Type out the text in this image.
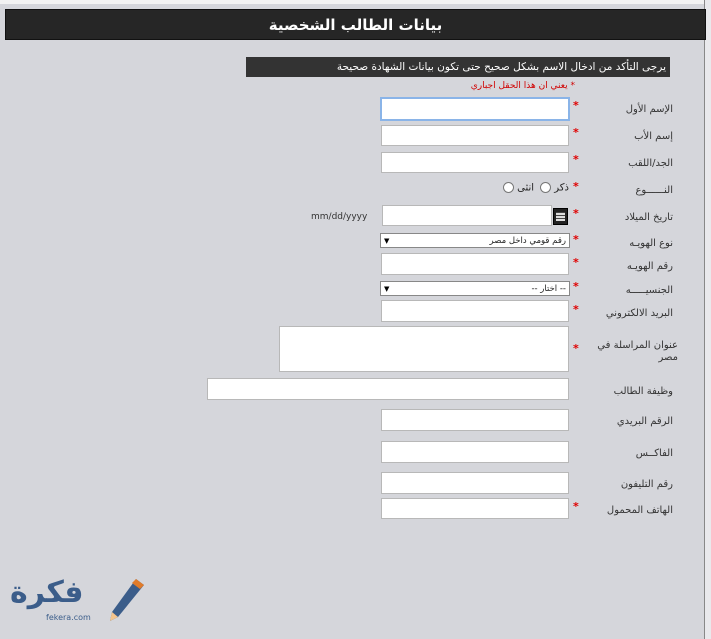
بيانات الطالب الشخصية
يرجى التأكد من ادخال الاسم بشكل صحيح حتى تكون بيانات الشهادة صحيحة
* يعني ان هذا الحقل اجباري
الإسم الأول
*
إسم الأب
*
الجد/اللقب
*
النــــــوع
*
ذكر
انثى
تاريخ الميلاد
*
mm/dd/yyyy
نوع الهويـه
*
رقم قومي داخل مصر
▼
رقم الهويـه
*
الجنسيـــــه
*
-- اختار --
▼
البريد الالكتروني
*
عنوان المراسلة في مصر
*
وظيفة الطالب
الرقم البريدي
الفاكــس
رقم التليفون
الهاتف المحمول
*
فكرة
fekera.com
